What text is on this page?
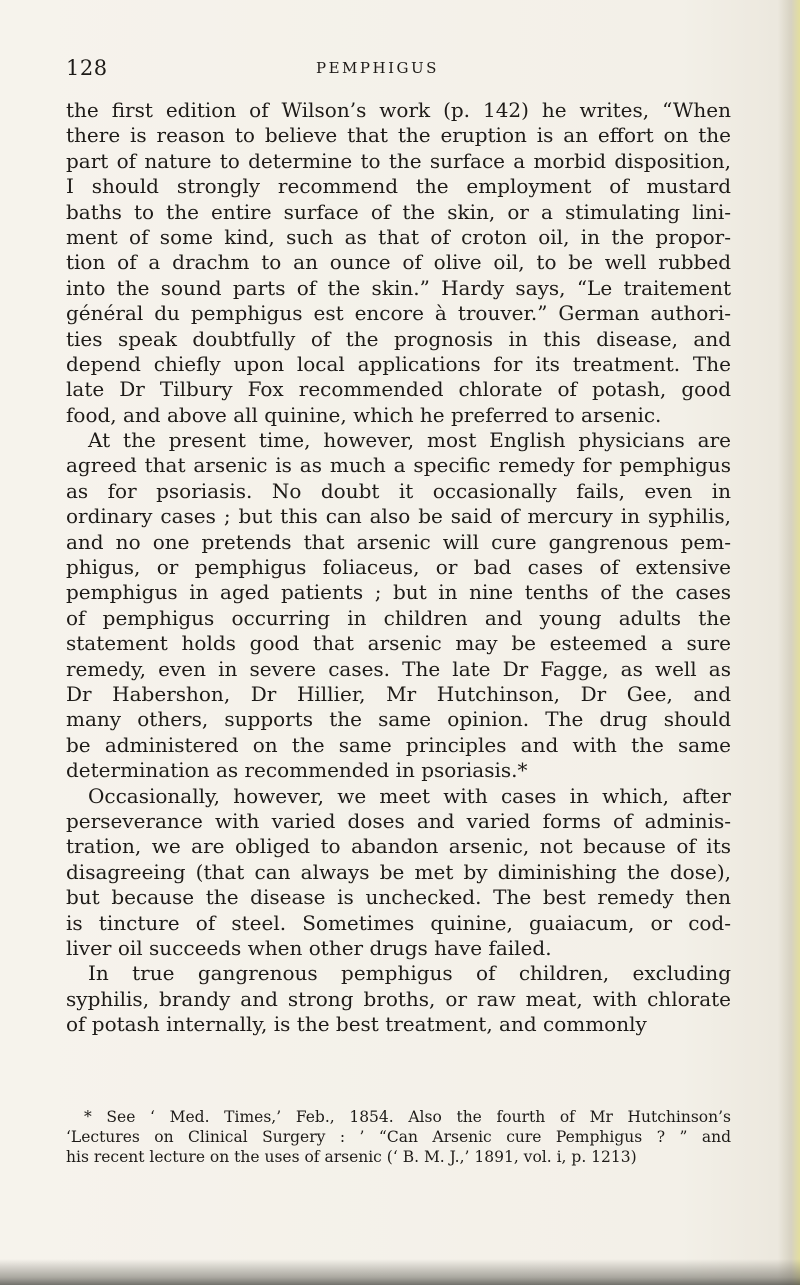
128	PEMPHIGUS
the first edition of Wilson’s work (p. 142) he writes, “When
there is reason to believe that the eruption is an effort on the
part of nature to determine to the surface a morbid disposition,
I should strongly recommend the employment of mustard
baths to the entire surface of the skin, or a stimulating lini-
ment of some kind, such as that of croton oil, in the propor-
tion of a drachm to an ounce of olive oil, to be well rubbed
into the sound parts of the skin.” Hardy says, “Le traitement
général du pemphigus est encore à trouver.” German authori-
ties speak doubtfully of the prognosis in this disease, and
depend chiefly upon local applications for its treatment. The
late Dr Tilbury Fox recommended chlorate of potash, good
food, and above all quinine, which he preferred to arsenic.
At the present time, however, most English physicians are
agreed that arsenic is as much a specific remedy for pemphigus
as for psoriasis. No doubt it occasionally fails, even in
ordinary cases ; but this can also be said of mercury in syphilis,
and no one pretends that arsenic will cure gangrenous pem-
phigus, or pemphigus foliaceus, or bad cases of extensive
pemphigus in aged patients ; but in nine tenths of the cases
of pemphigus occurring in children and young adults the
statement holds good that arsenic may be esteemed a sure
remedy, even in severe cases. The late Dr Fagge, as well as
Dr Habershon, Dr Hillier, Mr Hutchinson, Dr Gee, and
many others, supports the same opinion. The drug should
be administered on the same principles and with the same
determination as recommended in psoriasis.*
Occasionally, however, we meet with cases in which, after
perseverance with varied doses and varied forms of adminis-
tration, we are obliged to abandon arsenic, not because of its
disagreeing (that can always be met by diminishing the dose),
but because the disease is unchecked. The best remedy then
is tincture of steel. Sometimes quinine, guaiacum, or cod-
liver oil succeeds when other drugs have failed.
In true gangrenous pemphigus of children, excluding
syphilis, brandy and strong broths, or raw meat, with chlorate
of potash internally, is the best treatment, and commonly
* See ‘ Med. Times,’ Feb., 1854. Also the fourth of Mr Hutchinson’s
‘Lectures on Clinical Surgery : ’ “Can Arsenic cure Pemphigus ? ” and
his recent lecture on the uses of arsenic (‘ B. M. J.,’ 1891, vol. i, p. 1213)
